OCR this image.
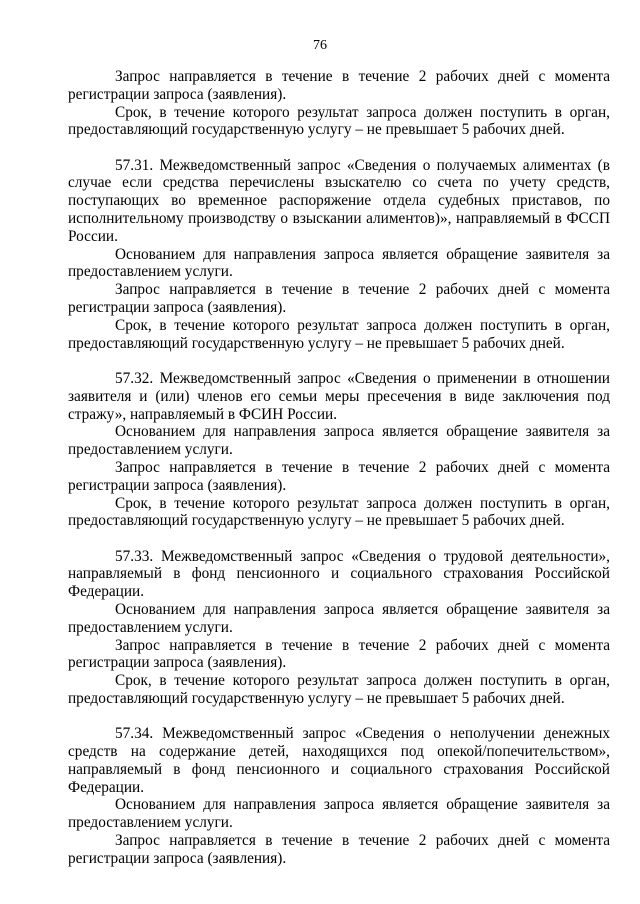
76

Запрос направляется в течение в течение 2 рабочих дней с момента регистрации запроса (заявления).

Срок, в течение которого результат запроса должен поступить в орган, предоставляющий государственную услугу – не превышает 5 рабочих дней.

57.31. Межведомственный запрос «Сведения о получаемых алиментах (в случае если средства перечислены взыскателю со счета по учету средств, поступающих во временное распоряжение отдела судебных приставов, по исполнительному производству о взыскании алиментов)», направляемый в ФССП России.

Основанием для направления запроса является обращение заявителя за предоставлением услуги.

Запрос направляется в течение в течение 2 рабочих дней с момента регистрации запроса (заявления).

Срок, в течение которого результат запроса должен поступить в орган, предоставляющий государственную услугу – не превышает 5 рабочих дней.

57.32. Межведомственный запрос «Сведения о применении в отношении заявителя и (или) членов его семьи меры пресечения в виде заключения под стражу», направляемый в ФСИН России.

Основанием для направления запроса является обращение заявителя за предоставлением услуги.

Запрос направляется в течение в течение 2 рабочих дней с момента регистрации запроса (заявления).

Срок, в течение которого результат запроса должен поступить в орган, предоставляющий государственную услугу – не превышает 5 рабочих дней.

57.33. Межведомственный запрос «Сведения о трудовой деятельности», направляемый в фонд пенсионного и социального страхования Российской Федерации.

Основанием для направления запроса является обращение заявителя за предоставлением услуги.

Запрос направляется в течение в течение 2 рабочих дней с момента регистрации запроса (заявления).

Срок, в течение которого результат запроса должен поступить в орган, предоставляющий государственную услугу – не превышает 5 рабочих дней.

57.34. Межведомственный запрос «Сведения о неполучении денежных средств на содержание детей, находящихся под опекой/попечительством», направляемый в фонд пенсионного и социального страхования Российской Федерации.

Основанием для направления запроса является обращение заявителя за предоставлением услуги.

Запрос направляется в течение в течение 2 рабочих дней с момента регистрации запроса (заявления).
